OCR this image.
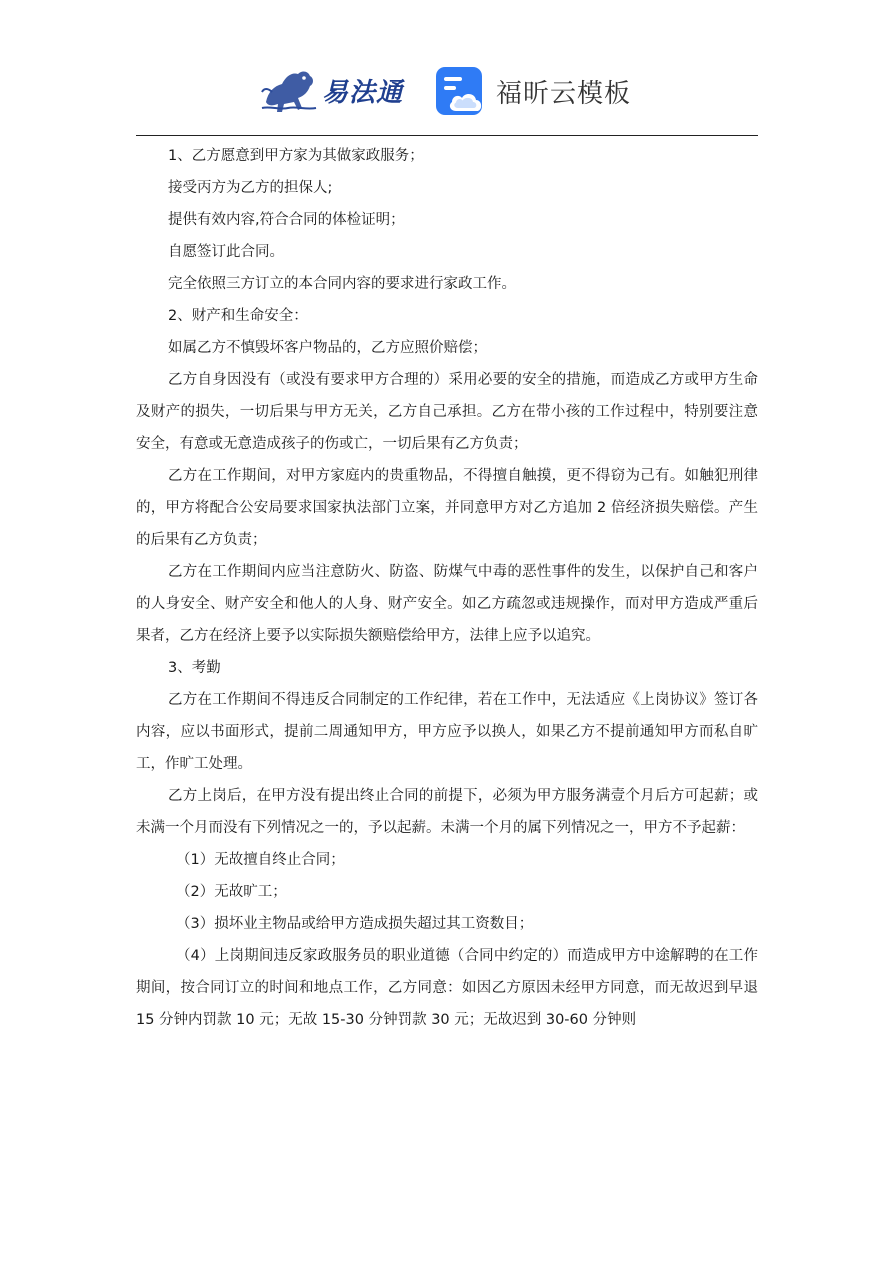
易法通	福昕云模板

1、乙方愿意到甲方家为其做家政服务；

接受丙方为乙方的担保人;

提供有效内容,符合合同的体检证明；

自愿签订此合同。

完全依照三方订立的本合同内容的要求进行家政工作。

2、财产和生命安全：

如属乙方不慎毁坏客户物品的，乙方应照价赔偿；

乙方自身因没有（或没有要求甲方合理的）采用必要的安全的措施，而造成乙方或甲方生命及财产的损失，一切后果与甲方无关，乙方自己承担。乙方在带小孩的工作过程中，特别要注意安全，有意或无意造成孩子的伤或亡，一切后果有乙方负责；

乙方在工作期间，对甲方家庭内的贵重物品，不得擅自触摸，更不得窃为己有。如触犯刑律的，甲方将配合公安局要求国家执法部门立案，并同意甲方对乙方追加 2 倍经济损失赔偿。产生的后果有乙方负责；

乙方在工作期间内应当注意防火、防盗、防煤气中毒的恶性事件的发生，以保护自己和客户的人身安全、财产安全和他人的人身、财产安全。如乙方疏忽或违规操作，而对甲方造成严重后果者，乙方在经济上要予以实际损失额赔偿给甲方，法律上应予以追究。

3、考勤

乙方在工作期间不得违反合同制定的工作纪律，若在工作中，无法适应《上岗协议》签订各内容，应以书面形式，提前二周通知甲方，甲方应予以换人，如果乙方不提前通知甲方而私自旷工，作旷工处理。

乙方上岗后，在甲方没有提出终止合同的前提下，必须为甲方服务满壹个月后方可起薪；或未满一个月而没有下列情况之一的，予以起薪。未满一个月的属下列情况之一，甲方不予起薪：

（1）无故擅自终止合同；

（2）无故旷工；

（3）损坏业主物品或给甲方造成损失超过其工资数目；

（4）上岗期间违反家政服务员的职业道德（合同中约定的）而造成甲方中途解聘的在工作期间，按合同订立的时间和地点工作，乙方同意：如因乙方原因未经甲方同意，而无故迟到早退 15 分钟内罚款 10 元；无故 15-30 分钟罚款 30 元；无故迟到 30-60 分钟则
